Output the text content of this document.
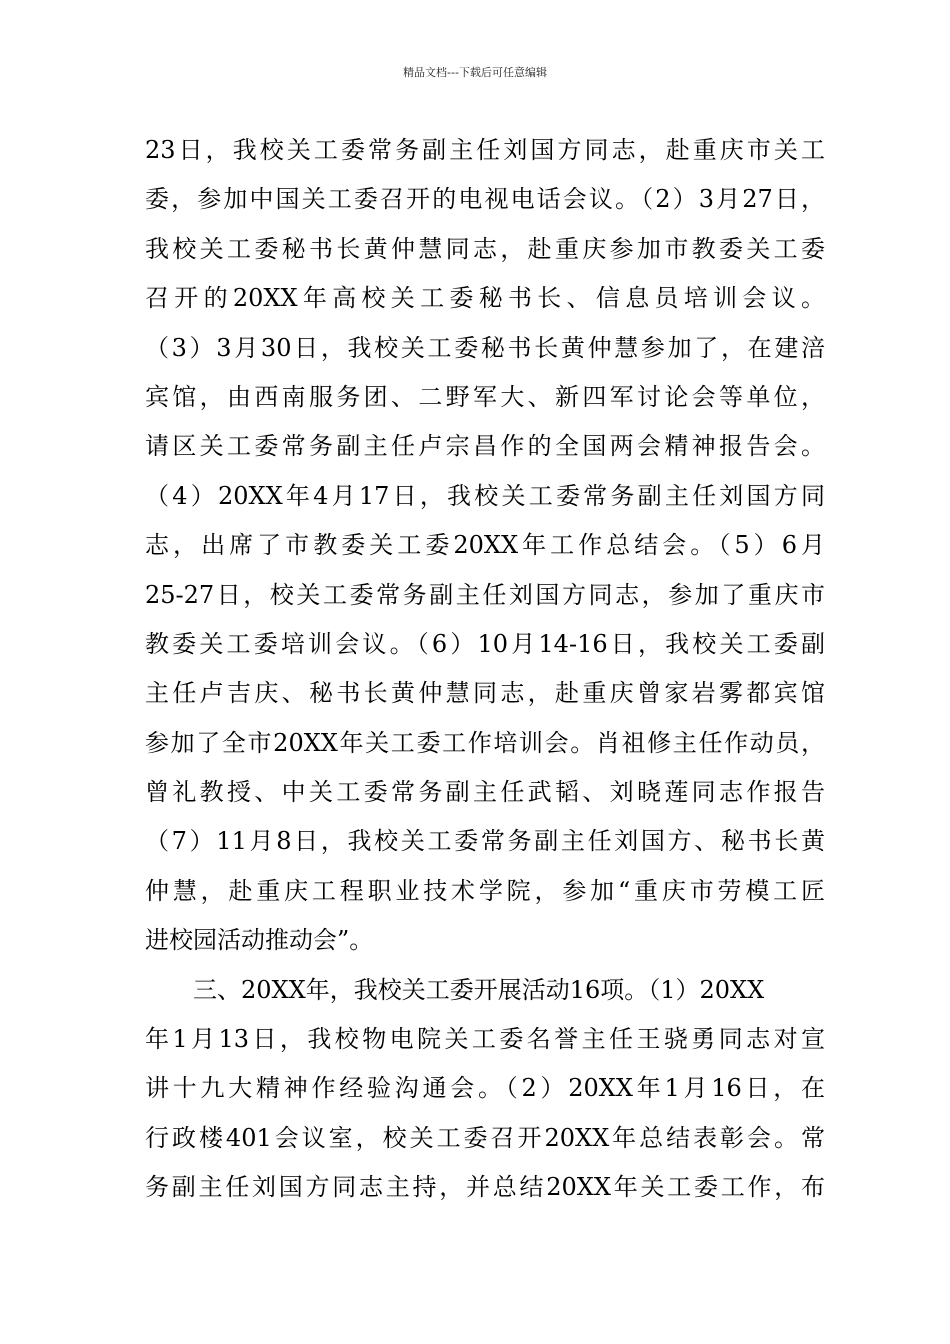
精品文档---下载后可任意编辑
23日，我校关工委常务副主任刘国方同志，赴重庆市关工
委，参加中国关工委召开的电视电话会议。（2）3月27日，
我校关工委秘书长黄仲慧同志，赴重庆参加市教委关工委
召开的20XX年高校关工委秘书长、信息员培训会议。
（3）3月30日，我校关工委秘书长黄仲慧参加了，在建涪
宾馆，由西南服务团、二野军大、新四军讨论会等单位，
请区关工委常务副主任卢宗昌作的全国两会精神报告会。
（4）20XX年4月17日，我校关工委常务副主任刘国方同
志，出席了市教委关工委20XX年工作总结会。（5）6月
25-27日，校关工委常务副主任刘国方同志，参加了重庆市
教委关工委培训会议。（6）10月14-16日，我校关工委副
主任卢吉庆、秘书长黄仲慧同志，赴重庆曾家岩雾都宾馆
参加了全市20XX年关工委工作培训会。肖祖修主任作动员，
曾礼教授、中关工委常务副主任武韬、刘晓莲同志作报告
（7）11月8日，我校关工委常务副主任刘国方、秘书长黄
仲慧，赴重庆工程职业技术学院，参加“重庆市劳模工匠
进校园活动推动会”。
三、20XX年，我校关工委开展活动16项。（1）20XX
年1月13日，我校物电院关工委名誉主任王骁勇同志对宣
讲十九大精神作经验沟通会。（2）20XX年1月16日，在
行政楼401会议室，校关工委召开20XX年总结表彰会。常
务副主任刘国方同志主持，并总结20XX年关工委工作，布
